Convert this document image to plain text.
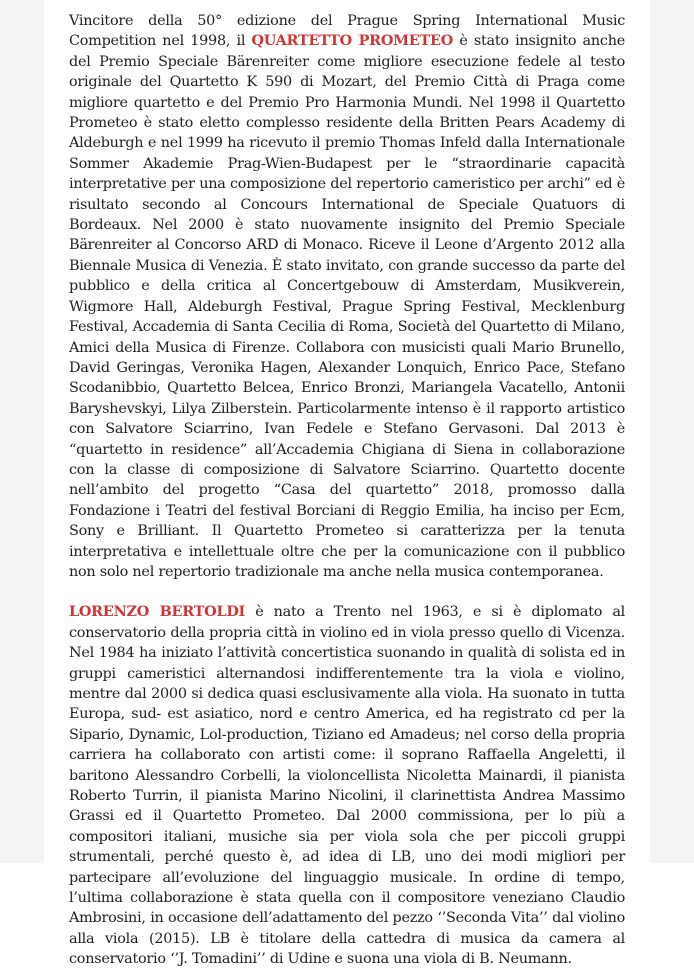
Vincitore della 50° edizione del Prague Spring International Music Competition nel 1998, il QUARTETTO PROMETEO è stato insignito anche del Premio Speciale Bärenreiter come migliore esecuzione fedele al testo originale del Quartetto K 590 di Mozart, del Premio Città di Praga come migliore quartetto e del Premio Pro Harmonia Mundi. Nel 1998 il Quartetto Prometeo è stato eletto complesso residente della Britten Pears Academy di Aldeburgh e nel 1999 ha ricevuto il premio Thomas Infeld dalla Internationale Sommer Akademie Prag-Wien-Budapest per le “straordinarie capacità interpretative per una composizione del repertorio cameristico per archi” ed è risultato secondo al Concours International de Speciale Quatuors di Bordeaux. Nel 2000 è stato nuovamente insignito del Premio Speciale Bärenreiter al Concorso ARD di Monaco. Riceve il Leone d’Argento 2012 alla Biennale Musica di Venezia. È stato invitato, con grande successo da parte del pubblico e della critica al Concertgebouw di Amsterdam, Musikverein, Wigmore Hall, Aldeburgh Festival, Prague Spring Festival, Mecklenburg Festival, Accademia di Santa Cecilia di Roma, Società del Quartetto di Milano, Amici della Musica di Firenze. Collabora con musicisti quali Mario Brunello, David Geringas, Veronika Hagen, Alexander Lonquich, Enrico Pace, Stefano Scodanibbio, Quartetto Belcea, Enrico Bronzi, Mariangela Vacatello, Antonii Baryshevskyi, Lilya Zilberstein. Particolarmente intenso è il rapporto artistico con Salvatore Sciarrino, Ivan Fedele e Stefano Gervasoni. Dal 2013 è “quartetto in residence” all’Accademia Chigiana di Siena in collaborazione con la classe di composizione di Salvatore Sciarrino. Quartetto docente nell’ambito del progetto “Casa del quartetto” 2018, promosso dalla Fondazione i Teatri del festival Borciani di Reggio Emilia, ha inciso per Ecm, Sony e Brilliant. Il Quartetto Prometeo si caratterizza per la tenuta interpretativa e intellettuale oltre che per la comunicazione con il pubblico non solo nel repertorio tradizionale ma anche nella musica contemporanea.

LORENZO BERTOLDI è nato a Trento nel 1963, e si è diplomato al conservatorio della propria città in violino ed in viola presso quello di Vicenza. Nel 1984 ha iniziato l’attività concertistica suonando in qualità di solista ed in gruppi cameristici alternandosi indifferentemente tra la viola e violino, mentre dal 2000 si dedica quasi esclusivamente alla viola. Ha suonato in tutta Europa, sud- est asiatico, nord e centro America, ed ha registrato cd per la Sipario, Dynamic, Lol-production, Tiziano ed Amadeus; nel corso della propria carriera ha collaborato con artisti come: il soprano Raffaella Angeletti, il baritono Alessandro Corbelli, la violoncellista Nicoletta Mainardi, il pianista Roberto Turrin, il pianista Marino Nicolini, il clarinettista Andrea Massimo Grassi ed il Quartetto Prometeo. Dal 2000 commissiona, per lo più a compositori italiani, musiche sia per viola sola che per piccoli gruppi strumentali, perché questo è, ad idea di LB, uno dei modi migliori per partecipare all’evoluzione del linguaggio musicale. In ordine di tempo, l’ultima collaborazione è stata quella con il compositore veneziano Claudio Ambrosini, in occasione dell’adattamento del pezzo ‘’Seconda Vita’’ dal violino alla viola (2015). LB è titolare della cattedra di musica da camera al conservatorio ‘’J. Tomadini’’ di Udine e suona una viola di B. Neumann.
